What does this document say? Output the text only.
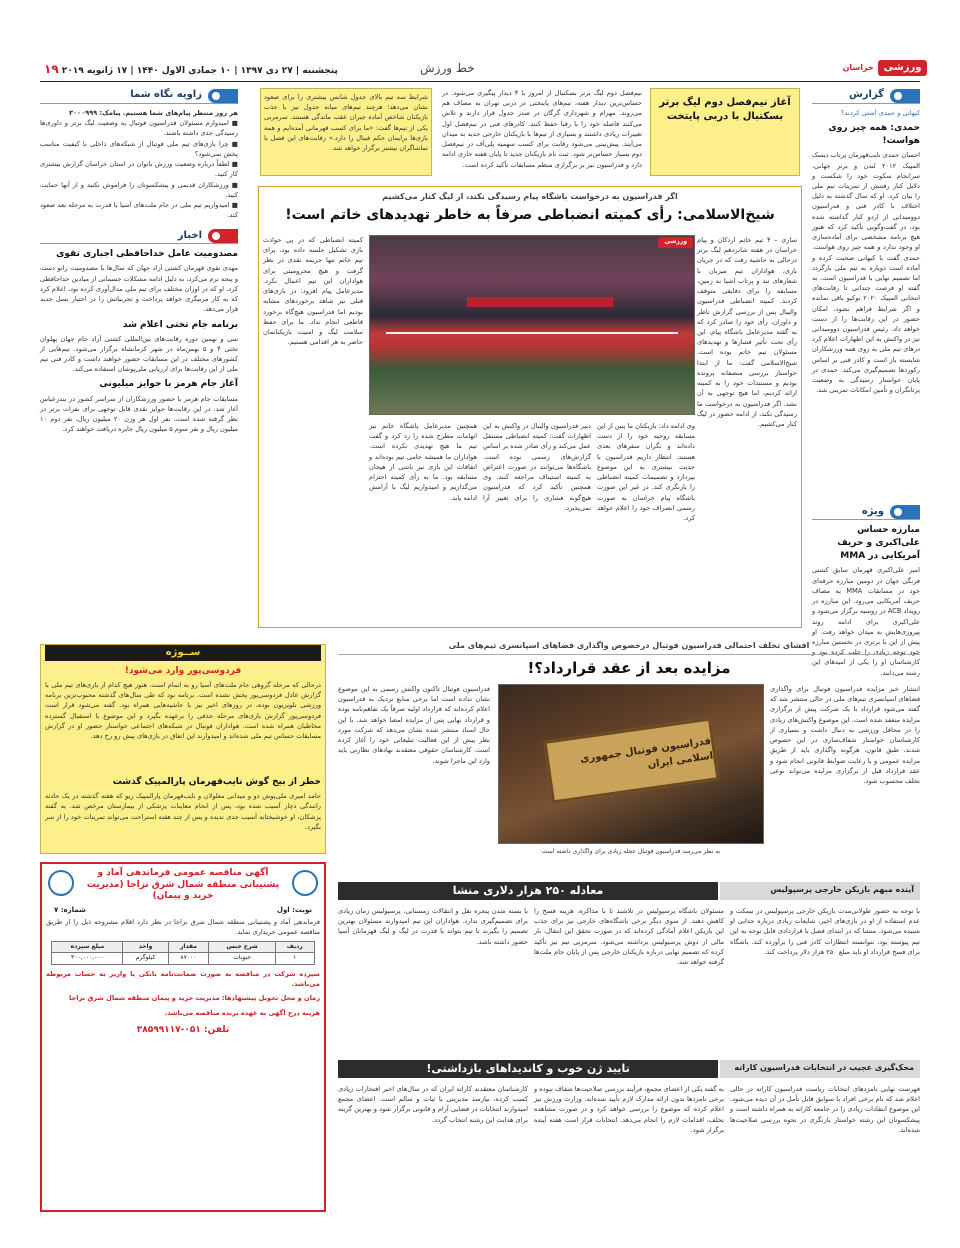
ورزشی
خراسان
خط ورزش
پنجشنبه | ۲۷ دی ۱۳۹۷ | ۱۰ جمادی الاول ۱۴۴۰ | ۱۷ ژانویه ۲۰۱۹ ۱۹
گزارش
کیهانی و حمدی آشتی کردند؟
حمدی: همه چیز روی هواست!
احسان حمدی نایب‌قهرمان پرتاب دیسک المپیک ۲۰۱۲ لندن و برنز جهانی، سرانجام سکوت خود را شکست و دلایل کنار رفتنش از تمرینات تیم ملی را بیان کرد. او که سال گذشته به دلیل اختلاف با کادر فنی و فدراسیون دوومیدانی از اردو کنار گذاشته شده بود، در گفت‌وگویی تأکید کرد که هنوز هیچ برنامه مشخصی برای آماده‌سازی او وجود ندارد و همه چیز روی هواست. حمدی گفت با کیهانی صحبت کرده و آماده است دوباره به تیم ملی بازگردد اما تصمیم نهایی با فدراسیون است. به گفته او فرصت چندانی تا رقابت‌های انتخابی المپیک ۲۰۲۰ توکیو باقی نمانده و اگر شرایط فراهم نشود، امکان حضور در این رقابت‌ها را از دست خواهد داد. رئیس فدراسیون دوومیدانی نیز در واکنش به این اظهارات اعلام کرد درهای تیم ملی به روی همه ورزشکاران شایسته باز است و کادر فنی بر اساس رکوردها تصمیم‌گیری می‌کند. حمدی در پایان خواستار رسیدگی به وضعیت پرتابگران و تأمین امکانات تمرینی شد.
ویژه
مبارزه حساس علی‌اکبری و حریف آمریکایی در MMA
امیر علی‌اکبری قهرمان سابق کشتی فرنگی جهان در دومین مبارزه حرفه‌ای خود در مسابقات MMA به مصاف حریف آمریکایی می‌رود. این مبارزه در رویداد ACB در روسیه برگزار می‌شود و علی‌اکبری برای ادامه روند پیروزی‌هایش به میدان خواهد رفت. او پیش از این با برتری در نخستین مبارزه خود توجه زیادی را جلب کرده بود و کارشناسان او را یکی از امیدهای این رشته می‌دانند.
زاویه نگاه شما
هر روز منتظر پیام‌های شما هستیم. پیامک: ۳۰۰۰۹۹۹
■ امیدوارم مسئولان فدراسیون فوتبال به وضعیت لیگ برتر و داوری‌ها رسیدگی جدی داشته باشند.
■ چرا بازی‌های تیم ملی فوتبال از شبکه‌های داخلی با کیفیت مناسب پخش نمی‌شود؟
■ لطفاً درباره وضعیت ورزش بانوان در استان خراسان گزارش بیشتری کار کنید.
■ ورزشکاران قدیمی و پیشکسوتان را فراموش نکنید و از آنها حمایت کنید.
■ امیدواریم تیم ملی در جام ملت‌های آسیا با قدرت به مرحله بعد صعود کند.
اخبار
مصدومیت عامل خداحافظی اجباری تقوی
مهدی تقوی قهرمان کشتی آزاد جهان که سال‌ها با مصدومیت زانو دست و پنجه نرم می‌کرد، به دلیل ادامه مشکلات جسمانی از میادین خداحافظی کرد. او که در اوزان مختلف برای تیم ملی مدال‌آوری کرده بود، اعلام کرد که به کار مربیگری خواهد پرداخت و تجربیاتش را در اختیار نسل جدید قرار می‌دهد.
برنامه جام تختی اعلام شد
سی و نهمین دوره رقابت‌های بین‌المللی کشتی آزاد جام جهان پهلوان تختی ۴ و ۵ بهمن‌ماه در شهر کرمانشاه برگزار می‌شود. تیم‌هایی از کشورهای مختلف در این مسابقات حضور خواهند داشت و کادر فنی تیم ملی از این رقابت‌ها برای ارزیابی ملی‌پوشان استفاده می‌کند.
آغاز جام هرمز با جوایز میلیونی
مسابقات جام هرمز با حضور ورزشکاران از سراسر کشور در بندرعباس آغاز شد. در این رقابت‌ها جوایز نقدی قابل توجهی برای نفرات برتر در نظر گرفته شده است. نفر اول هر وزن ۲۰ میلیون ریال، نفر دوم ۱۰ میلیون ریال و نفر سوم ۵ میلیون ریال جایزه دریافت خواهند کرد.
آغاز نیم‌فصل دوم لیگ برتر بسکتبال با دربی پایتخت
نیم‌فصل دوم لیگ برتر بسکتبال از امروز با ۴ دیدار پیگیری می‌شود. در حساس‌ترین دیدار هفته، تیم‌های پایتختی در دربی تهران به مصاف هم می‌روند. مهرام و شهرداری گرگان در صدر جدول قرار دارند و تلاش می‌کنند فاصله خود را با رقبا حفظ کنند. کادرهای فنی در نیم‌فصل اول تغییرات زیادی داشتند و بسیاری از تیم‌ها با بازیکنان خارجی جدید به میدان می‌آیند. پیش‌بینی می‌شود رقابت برای کسب سهمیه پلی‌آف در نیم‌فصل دوم بسیار حساس‌تر شود. ثبت نام بازیکنان جدید تا پایان هفته جاری ادامه دارد و فدراسیون نیز بر برگزاری منظم مسابقات تأکید کرده است.
شرایط سه تیم بالای جدول شانس بیشتری را برای صعود نشان می‌دهد؛ هرچند تیم‌های میانه جدول نیز با جذب بازیکنان شاخص آماده جبران عقب ماندگی هستند. سرمربی یکی از تیم‌ها گفت: «ما برای کسب قهرمانی آمده‌ایم و همه بازی‌ها برایمان حکم فینال را دارد.» رقابت‌های این فصل با تماشاگران بیشتر برگزار خواهد شد.
اگر فدراسیون به درخواست باشگاه پیام رسیدگی نکند، از لیگ کنار می‌کشیم
شیخ‌الاسلامی: رأی کمیته انضباطی صرفاً به خاطر تهدیدهای خاتم است!
ورزشی	ساری – ۴ تیم خاتم اردکان و پیام خراسان در هفته شانزدهم لیگ برتر درحالی به حاشیه رفت که در جریان بازی، هواداران تیم میزبان با شعارهای تند و پرتاب اشیا به زمین، مسابقه را برای دقایقی متوقف کردند. کمیته انضباطی فدراسیون والیبال پس از بررسی گزارش ناظر و داوران، رأی خود را صادر کرد که به گفته مدیرعامل باشگاه پیام، این رأی تحت تأثیر فشارها و تهدیدهای مسئولان تیم خاتم بوده است. شیخ‌الاسلامی گفت: ما از ابتدا خواستار بررسی منصفانه پرونده بودیم و مستندات خود را به کمیته ارائه کردیم، اما هیچ توجهی به آن نشد. اگر فدراسیون به درخواست ما رسیدگی نکند، از ادامه حضور در لیگ کنار می‌کشیم.
کمیته انضباطی که در پی حوادث بازی تشکیل جلسه داده بود، برای تیم خاتم تنها جریمه نقدی در نظر گرفت و هیچ محرومیتی برای هواداران این تیم اعمال نکرد. مدیرعامل پیام افزود: در بازی‌های قبلی نیز شاهد برخوردهای مشابه بودیم اما فدراسیون هیچ‌گاه برخورد قاطعی انجام نداد. ما برای حفظ سلامت لیگ و امنیت بازیکنانمان حاضر به هر اقدامی هستیم.
وی ادامه داد: بازیکنان ما پس از این مسابقه روحیه خود را از دست داده‌اند و نگران سفرهای بعدی هستند. انتظار داریم فدراسیون با جدیت بیشتری به این موضوع بپردازد و تصمیمات کمیته انضباطی را بازنگری کند. در غیر این صورت باشگاه پیام خراسان به صورت رسمی انصراف خود را اعلام خواهد کرد.
دبیر فدراسیون والیبال در واکنش به این اظهارات گفت: کمیته انضباطی مستقل عمل می‌کند و رأی صادر شده بر اساس گزارش‌های رسمی بوده است. باشگاه‌ها می‌توانند در صورت اعتراض به کمیته استیناف مراجعه کنند. وی همچنین تأکید کرد که فدراسیون هیچ‌گونه فشاری را برای تغییر آرا نمی‌پذیرد.
همچنین مدیرعامل باشگاه خاتم نیز اتهامات مطرح شده را رد کرد و گفت تیم ما هیچ تهدیدی نکرده است. هواداران ما همیشه حامی تیم بوده‌اند و اتفاقات این بازی نیز ناشی از هیجان مسابقه بود. ما به رأی کمیته احترام می‌گذاریم و امیدواریم لیگ با آرامش ادامه یابد.
ســوژه
فردوسی‌پور وارد می‌شود!
درحالی که مرحله گروهی جام ملت‌های آسیا رو به اتمام است، هنوز هیچ کدام از بازی‌های تیم ملی با گزارش عادل فردوسی‌پور پخش نشده است. برنامه نود که طی سال‌های گذشته محبوب‌ترین برنامه ورزشی تلویزیون بوده، در روزهای اخیر نیز با حاشیه‌هایی همراه بود. گفته می‌شود قرار است فردوسی‌پور گزارش بازی‌های مرحله حذفی را برعهده بگیرد و این موضوع با استقبال گسترده مخاطبان همراه شده است. هواداران فوتبال در شبکه‌های اجتماعی خواستار حضور او در گزارش مسابقات حساس تیم ملی شده‌اند و امیدوارند این اتفاق در بازی‌های پیش رو رخ دهد.
خطر از بیخ گوش نایب‌قهرمان پارالمپیک گذشت
حامد امیری ملی‌پوش دو و میدانی معلولان و نایب‌قهرمان پارالمپیک ریو که هفته گذشته در یک حادثه رانندگی دچار آسیب شده بود، پس از انجام معاینات پزشکی از بیمارستان مرخص شد. به گفته پزشکان، او خوشبختانه آسیب جدی ندیده و پس از چند هفته استراحت می‌تواند تمرینات خود را از سر بگیرد.
افشای تخلف احتمالی فدراسیون فوتبال درخصوص واگذاری فضاهای اسپانسری تیم‌های ملی
مزایده بعد از عقد قرارداد؟!
فدراسیون فوتبال جمهوری اسلامی ایران
به نظر می‌رسد فدراسیون فوتبال عجله زیادی برای واگذاری داشته است
انتشار خبر مزایده فدراسیون فوتبال برای واگذاری فضاهای اسپانسری تیم‌های ملی در حالی منتشر شد که گفته می‌شود قرارداد با یک شرکت پیش از برگزاری مزایده منعقد شده است. این موضوع واکنش‌های زیادی را در محافل ورزشی به دنبال داشت و بسیاری از کارشناسان خواستار شفاف‌سازی در این خصوص شدند. طبق قانون، هرگونه واگذاری باید از طریق مزایده عمومی و با رعایت ضوابط قانونی انجام شود و عقد قرارداد قبل از برگزاری مزایده می‌تواند نوعی تخلف محسوب شود.
فدراسیون فوتبال تاکنون واکنش رسمی به این موضوع نشان نداده است اما برخی منابع نزدیک به فدراسیون اعلام کرده‌اند که قرارداد اولیه صرفاً یک تفاهم‌نامه بوده و قرارداد نهایی پس از مزایده امضا خواهد شد. با این حال اسناد منتشر شده نشان می‌دهد که شرکت مورد نظر پیش از این فعالیت تبلیغاتی خود را آغاز کرده است. کارشناسان حقوقی معتقدند نهادهای نظارتی باید وارد این ماجرا شوند.
آگهی مناقصه عمومی فرماندهی آماد و پشتیبانی منطقه شمال شرق نزاجا (مدیریت خرید و پیمان)
نوبت: اول
شماره: ۷
فرماندهی آماد و پشتیبانی منطقه شمال شرق نزاجا در نظر دارد اقلام مشروحه ذیل را از طریق مناقصه عمومی خریداری نماید.
ردیف	شرح جنس	مقدار	واحد	مبلغ سپرده
۱	حبوبات	۸۷۰۰۰	کیلوگرم	۳۰۰,۰۰۰,۰۰۰
سپرده شرکت در مناقصه به صورت ضمانت‌نامه بانکی یا واریز به حساب مربوطه می‌باشد.
زمان و محل تحویل پیشنهادها: مدیریت خرید و پیمان منطقه شمال شرق نزاجا
هزینه درج آگهی به عهده برنده مناقصه می‌باشد.
تلفن: ۰۵۱-۳۸۵۹۹۱۱۷
آینده مبهم بازیکن خارجی پرسپولیس
معادله ۲۵۰ هزار دلاری منشا
با توجه به حضور طولانی‌مدت بازیکن خارجی پرسپولیس در نیمکت و عدم استفاده از او در بازی‌های اخیر، شایعات زیادی درباره جدایی او شنیده می‌شود. منشا که در ابتدای فصل با قراردادی قابل توجه به این تیم پیوسته بود، نتوانسته انتظارات کادر فنی را برآورده کند. باشگاه برای فسخ قرارداد او باید مبلغ ۲۵۰ هزار دلار پرداخت کند.
مسئولان باشگاه پرسپولیس در تلاشند تا با مذاکره، هزینه فسخ را کاهش دهند. از سوی دیگر برخی باشگاه‌های خارجی نیز برای جذب این بازیکن اعلام آمادگی کرده‌اند که در صورت تحقق این انتقال، بار مالی از دوش پرسپولیس برداشته می‌شود. سرمربی تیم نیز تأکید کرده که تصمیم نهایی درباره بازیکنان خارجی پس از پایان جام ملت‌ها گرفته خواهد شد.
با بسته شدن پنجره نقل و انتقالات زمستانی، پرسپولیس زمان زیادی برای تصمیم‌گیری ندارد. هواداران این تیم امیدوارند مسئولان بهترین تصمیم را بگیرند تا تیم بتواند با قدرت در لیگ و لیگ قهرمانان آسیا حضور داشته باشد.
محک‌گیری عجیب در انتخابات فدراسیون کاراته
تایید ژن خوب و کاندیداهای بازداشتی!
فهرست نهایی نامزدهای انتخابات ریاست فدراسیون کاراته در حالی اعلام شد که نام برخی افراد با سوابق قابل تأمل در آن دیده می‌شود. این موضوع انتقادات زیادی را در جامعه کاراته به همراه داشته است و پیشکسوتان این رشته خواستار بازنگری در نحوه بررسی صلاحیت‌ها شده‌اند.
به گفته یکی از اعضای مجمع، فرآیند بررسی صلاحیت‌ها شفاف نبوده و برخی نامزدها بدون ارائه مدارک لازم تأیید شده‌اند. وزارت ورزش نیز اعلام کرده که موضوع را بررسی خواهد کرد و در صورت مشاهده تخلف، اقدامات لازم را انجام می‌دهد. انتخابات قرار است هفته آینده برگزار شود.
کارشناسان معتقدند کاراته ایران که در سال‌های اخیر افتخارات زیادی کسب کرده، نیازمند مدیریتی با ثبات و سالم است. اعضای مجمع امیدوارند انتخابات در فضایی آرام و قانونی برگزار شود و بهترین گزینه برای هدایت این رشته انتخاب گردد.
